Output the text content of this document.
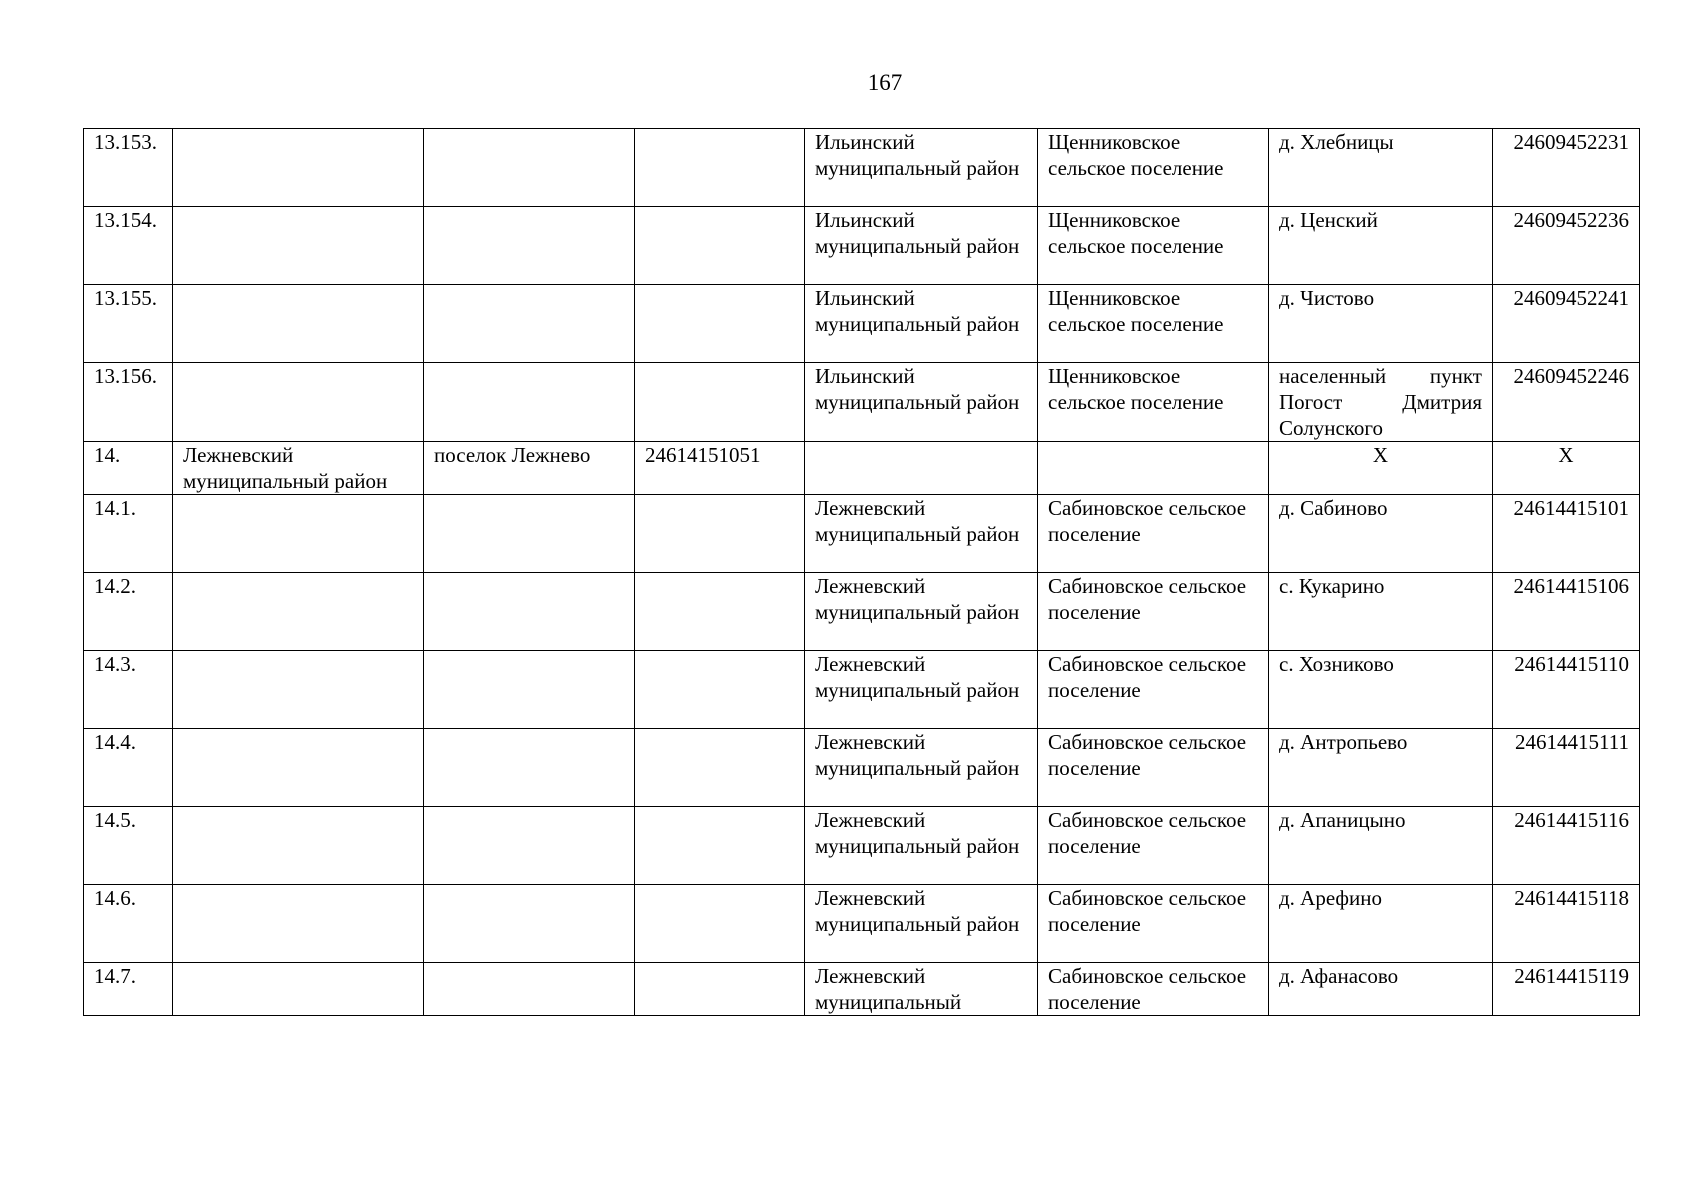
167
13.153.				Ильинский муниципальный район	Щенниковское сельское поселение	д. Хлебницы	24609452231
13.154.				Ильинский муниципальный район	Щенниковское сельское поселение	д. Ценский	24609452236
13.155.				Ильинский муниципальный район	Щенниковское сельское поселение	д. Чистово	24609452241
13.156.				Ильинский муниципальный район	Щенниковское сельское поселение	населенный пункт Погост Дмитрия Солунского	24609452246
14.	Лежневский муниципальный район	поселок Лежнево	24614151051			X	X
14.1.				Лежневский муниципальный район	Сабиновское сельское поселение	д. Сабиново	24614415101
14.2.				Лежневский муниципальный район	Сабиновское сельское поселение	с. Кукарино	24614415106
14.3.				Лежневский муниципальный район	Сабиновское сельское поселение	с. Хозниково	24614415110
14.4.				Лежневский муниципальный район	Сабиновское сельское поселение	д. Антропьево	24614415111
14.5.				Лежневский муниципальный район	Сабиновское сельское поселение	д. Апаницыно	24614415116
14.6.				Лежневский муниципальный район	Сабиновское сельское поселение	д. Арефино	24614415118
14.7.				Лежневский муниципальный	Сабиновское сельское поселение	д. Афанасово	24614415119
